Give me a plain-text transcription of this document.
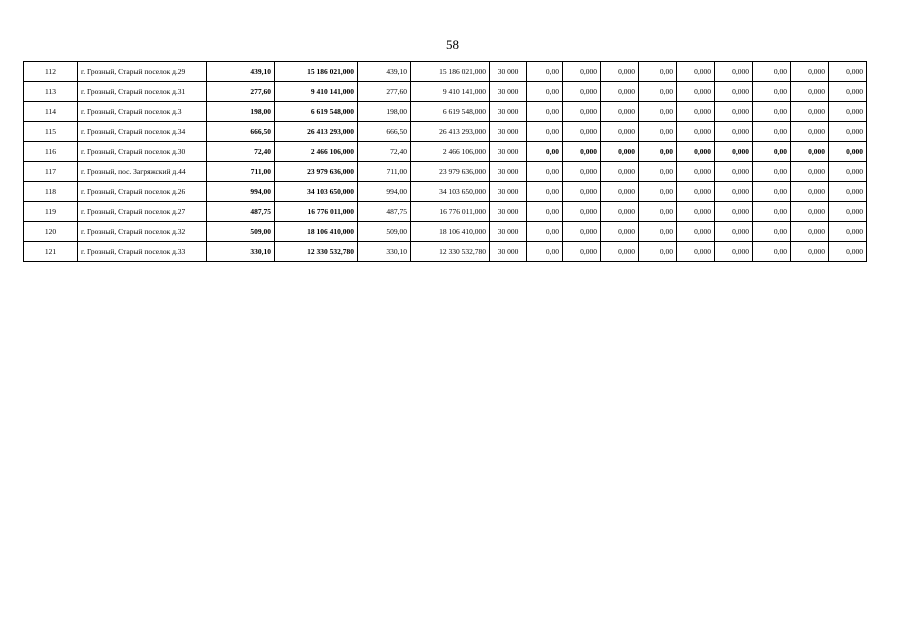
58
112	г. Грозный, Старый поселок д.29	439,10	15 186 021,000	439,10	15 186 021,000	30 000	0,00	0,000	0,000	0,00	0,000	0,000	0,00	0,000	0,000
113	г. Грозный, Старый поселок д.31	277,60	9 410 141,000	277,60	9 410 141,000	30 000	0,00	0,000	0,000	0,00	0,000	0,000	0,00	0,000	0,000
114	г. Грозный, Старый поселок д.3	198,00	6 619 548,000	198,00	6 619 548,000	30 000	0,00	0,000	0,000	0,00	0,000	0,000	0,00	0,000	0,000
115	г. Грозный, Старый поселок д.34	666,50	26 413 293,000	666,50	26 413 293,000	30 000	0,00	0,000	0,000	0,00	0,000	0,000	0,00	0,000	0,000
116	г. Грозный, Старый поселок д.30	72,40	2 466 106,000	72,40	2 466 106,000	30 000	0,00	0,000	0,000	0,00	0,000	0,000	0,00	0,000	0,000
117	г. Грозный, пос. Загряжский д.44	711,00	23 979 636,000	711,00	23 979 636,000	30 000	0,00	0,000	0,000	0,00	0,000	0,000	0,00	0,000	0,000
118	г. Грозный, Старый поселок д.26	994,00	34 103 650,000	994,00	34 103 650,000	30 000	0,00	0,000	0,000	0,00	0,000	0,000	0,00	0,000	0,000
119	г. Грозный, Старый поселок д.27	487,75	16 776 011,000	487,75	16 776 011,000	30 000	0,00	0,000	0,000	0,00	0,000	0,000	0,00	0,000	0,000
120	г. Грозный, Старый поселок д.32	509,00	18 106 410,000	509,00	18 106 410,000	30 000	0,00	0,000	0,000	0,00	0,000	0,000	0,00	0,000	0,000
121	г. Грозный, Старый поселок д.33	330,10	12 330 532,780	330,10	12 330 532,780	30 000	0,00	0,000	0,000	0,00	0,000	0,000	0,00	0,000	0,000
